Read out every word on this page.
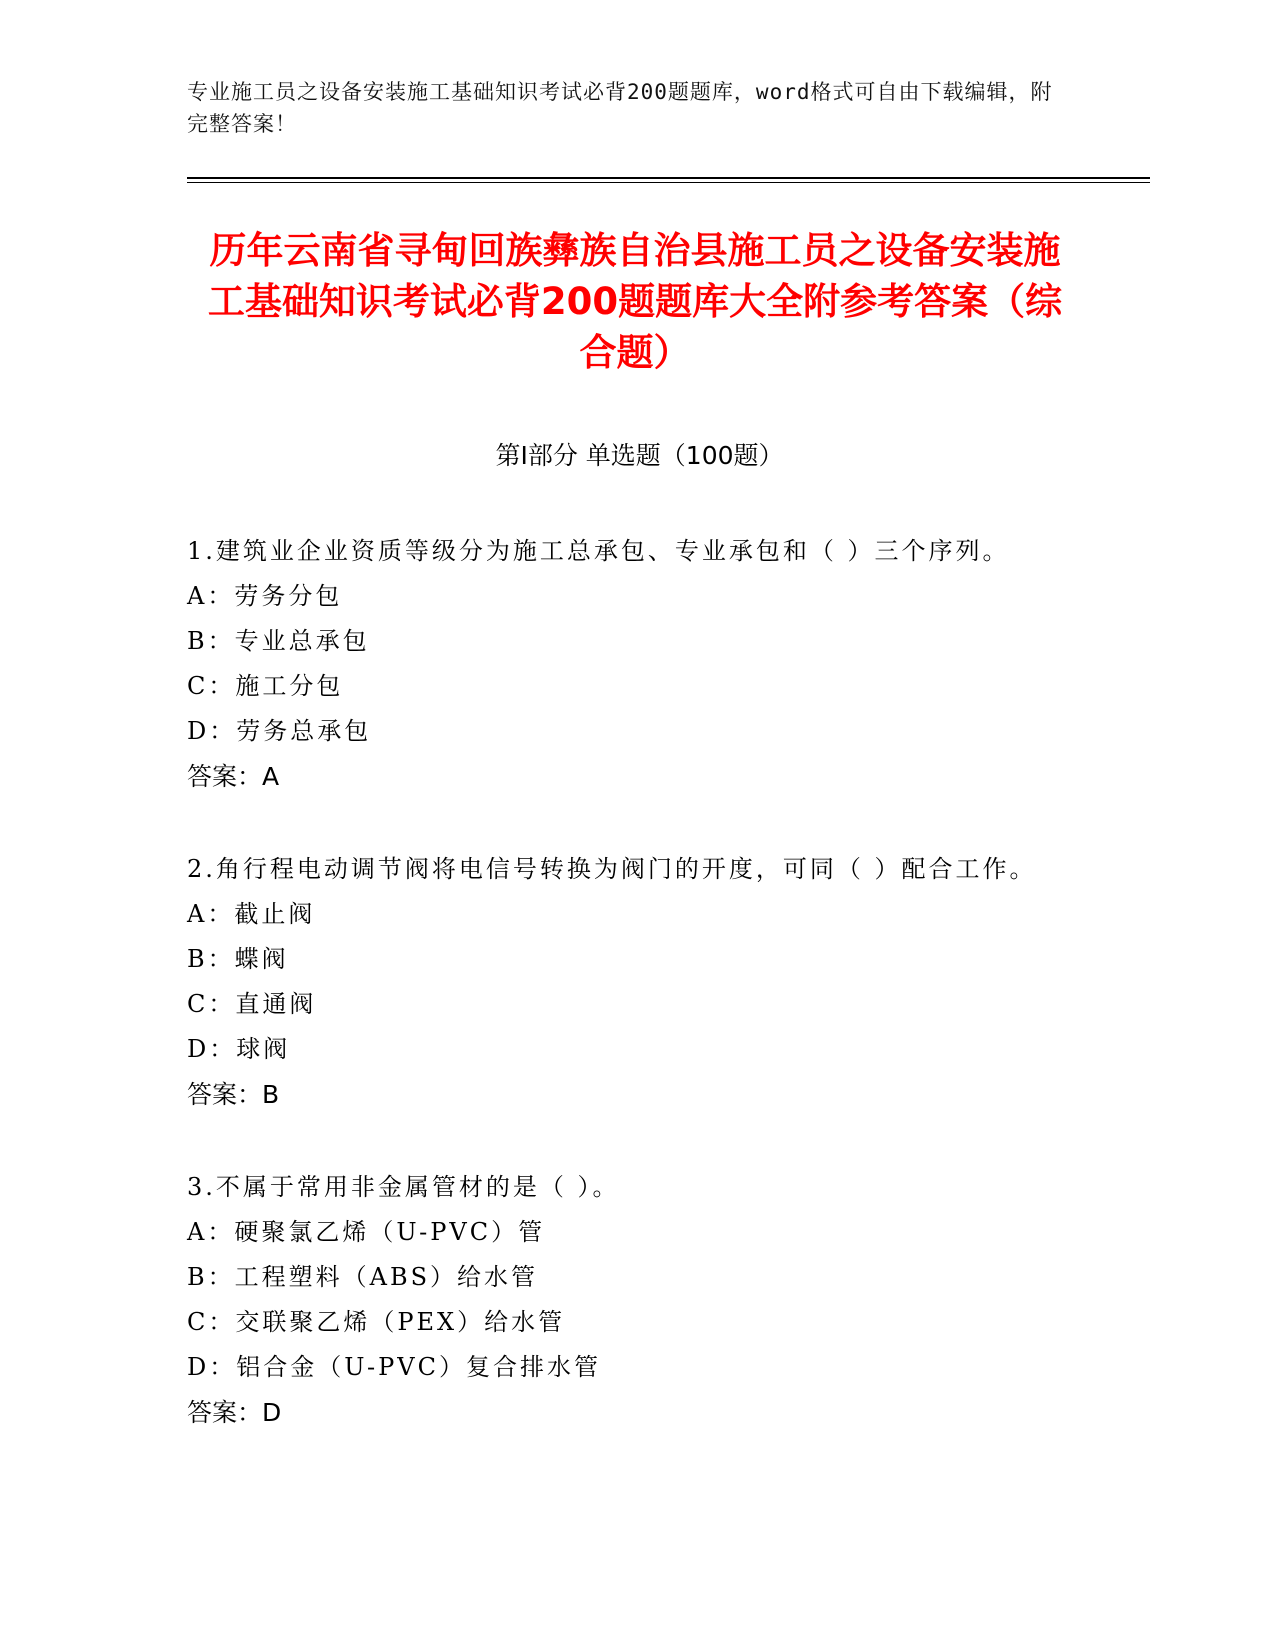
专业施工员之设备安装施工基础知识考试必背200题题库，word格式可自由下载编辑，附完整答案！
历年云南省寻甸回族彝族自治县施工员之设备安装施工基础知识考试必背200题题库大全附参考答案（综合题）
第I部分 单选题（100题）

1.建筑业企业资质等级分为施工总承包、专业承包和（ ）三个序列。

A：劳务分包

B：专业总承包

C：施工分包

D：劳务总承包

答案：A

2.角行程电动调节阀将电信号转换为阀门的开度，可同（ ）配合工作。

A：截止阀

B：蝶阀

C：直通阀

D：球阀

答案：B

3.不属于常用非金属管材的是（ ）。

A：硬聚氯乙烯（U-PVC）管

B：工程塑料（ABS）给水管

C：交联聚乙烯（PEX）给水管

D：铝合金（U-PVC）复合排水管

答案：D
